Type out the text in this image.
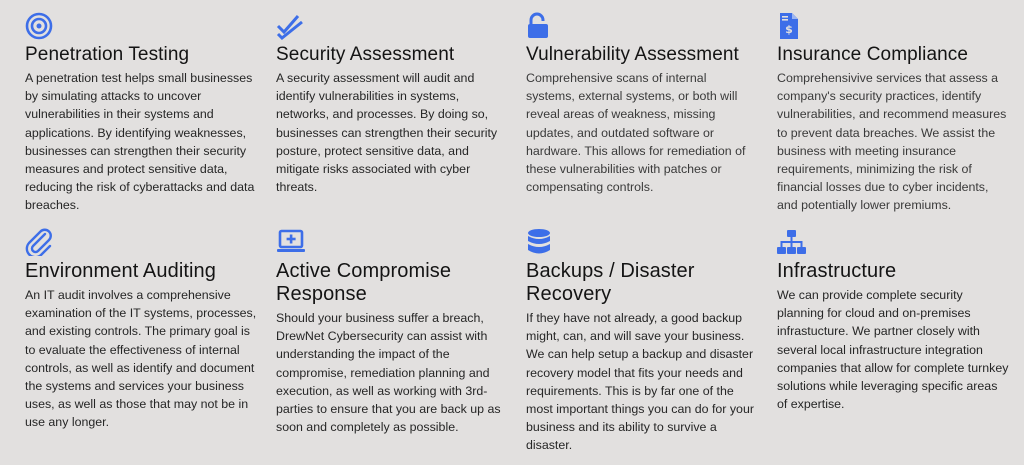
Penetration Testing

A penetration test helps small businesses by simulating attacks to uncover vulnerabilities in their systems and applications. By identifying weaknesses, businesses can strengthen their security measures and protect sensitive data, reducing the risk of cyberattacks and data breaches.

Security Assessment

A security assessment will audit and identify vulnerabilities in systems, networks, and processes. By doing so, businesses can strengthen their security posture, protect sensitive data, and mitigate risks associated with cyber threats.

Vulnerability Assessment

Comprehensive scans of internal systems, external systems, or both will reveal areas of weakness, missing updates, and outdated software or hardware. This allows for remediation of these vulnerabilities with patches or compensating controls.

$
Insurance Compliance

Comprehensivive services that assess a company's security practices, identify vulnerabilities, and recommend measures to prevent data breaches. We assist the business with meeting insurance requirements, minimizing the risk of financial losses due to cyber incidents, and potentially lower premiums.

Environment Auditing

An IT audit involves a comprehensive examination of the IT systems, processes, and existing controls. The primary goal is to evaluate the effectiveness of internal controls, as well as identify and document the systems and services your business uses, as well as those that may not be in use any longer.

Active Compromise Response

Should your business suffer a breach, DrewNet Cybersecurity can assist with understanding the impact of the compromise, remediation planning and execution, as well as working with 3rd-parties to ensure that you are back up as soon and completely as possible.

Backups / Disaster Recovery

If they have not already, a good backup might, can, and will save your business. We can help setup a backup and disaster recovery model that fits your needs and requirements. This is by far one of the most important things you can do for your business and its ability to survive a disaster.

Infrastructure

We can provide complete security planning for cloud and on-premises infrastucture. We partner closely with several local infrastructure integration companies that allow for complete turnkey solutions while leveraging specific areas of expertise.
